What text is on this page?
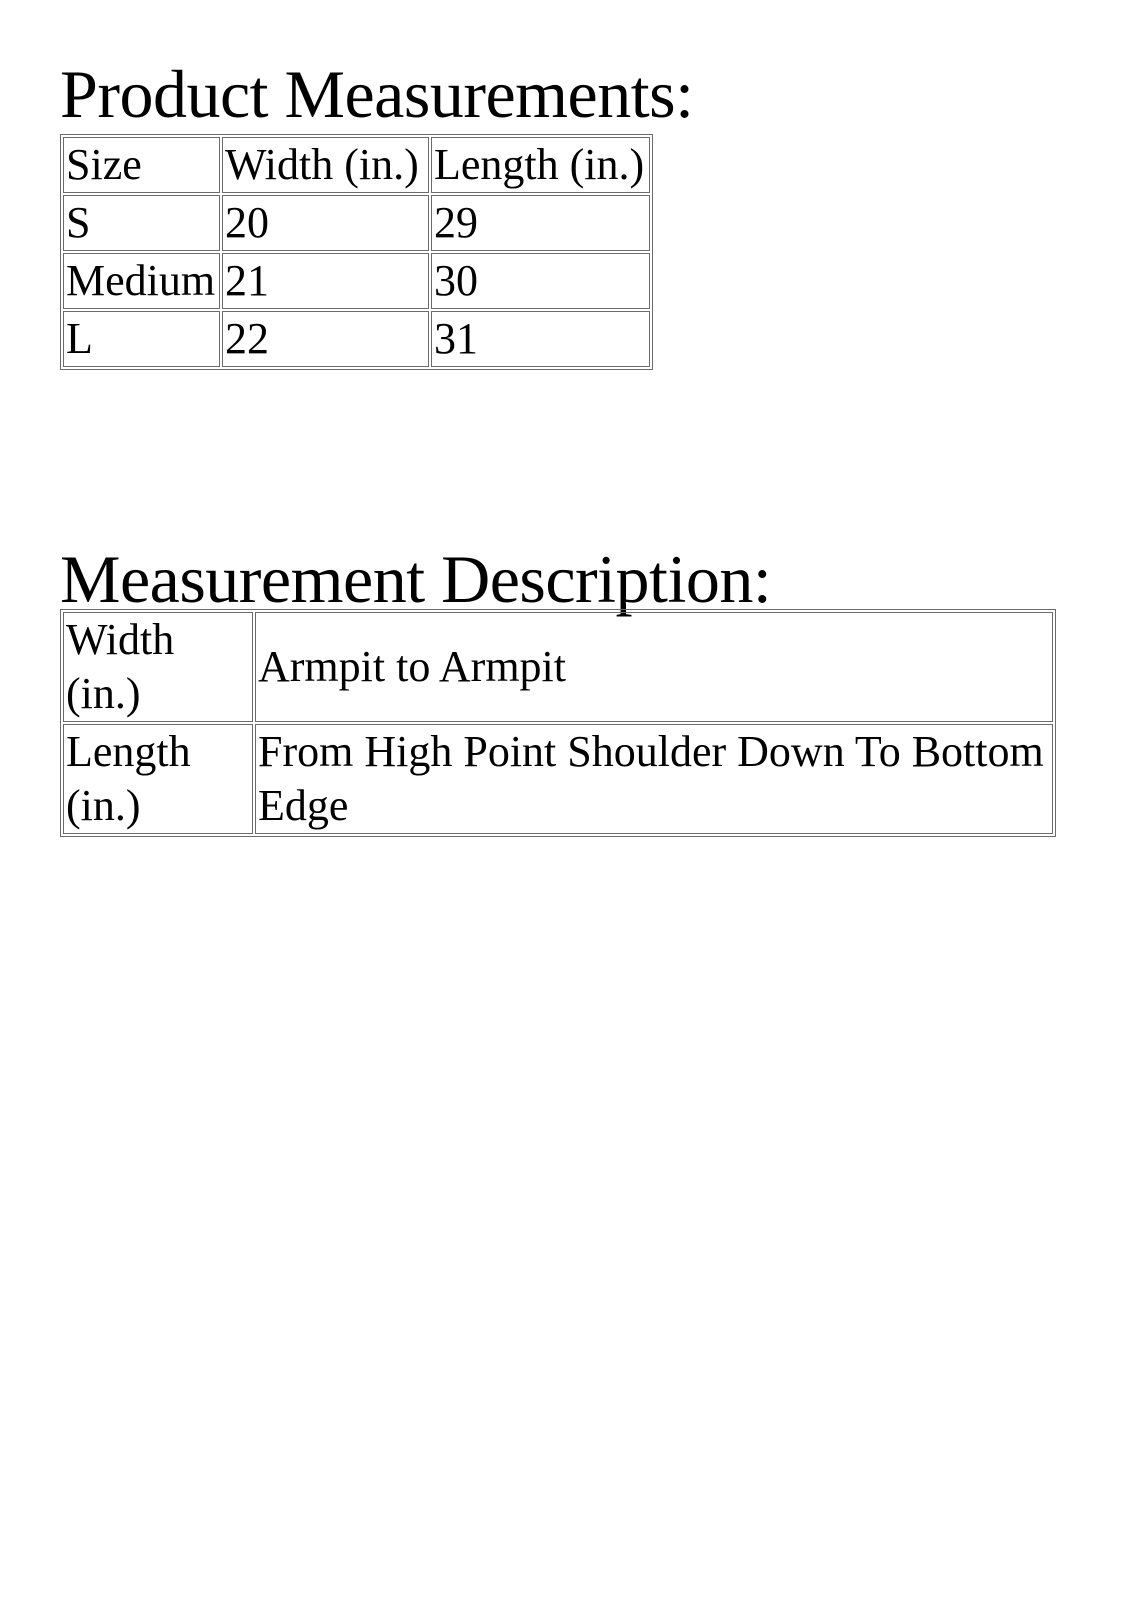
Product Measurements:
Size	Width (in.)	Length (in.)
S	20	29
Medium	21	30
L	22	31
Measurement Description:
Width (in.)	Armpit to Armpit
Length (in.)	From High Point Shoulder Down To Bottom Edge
